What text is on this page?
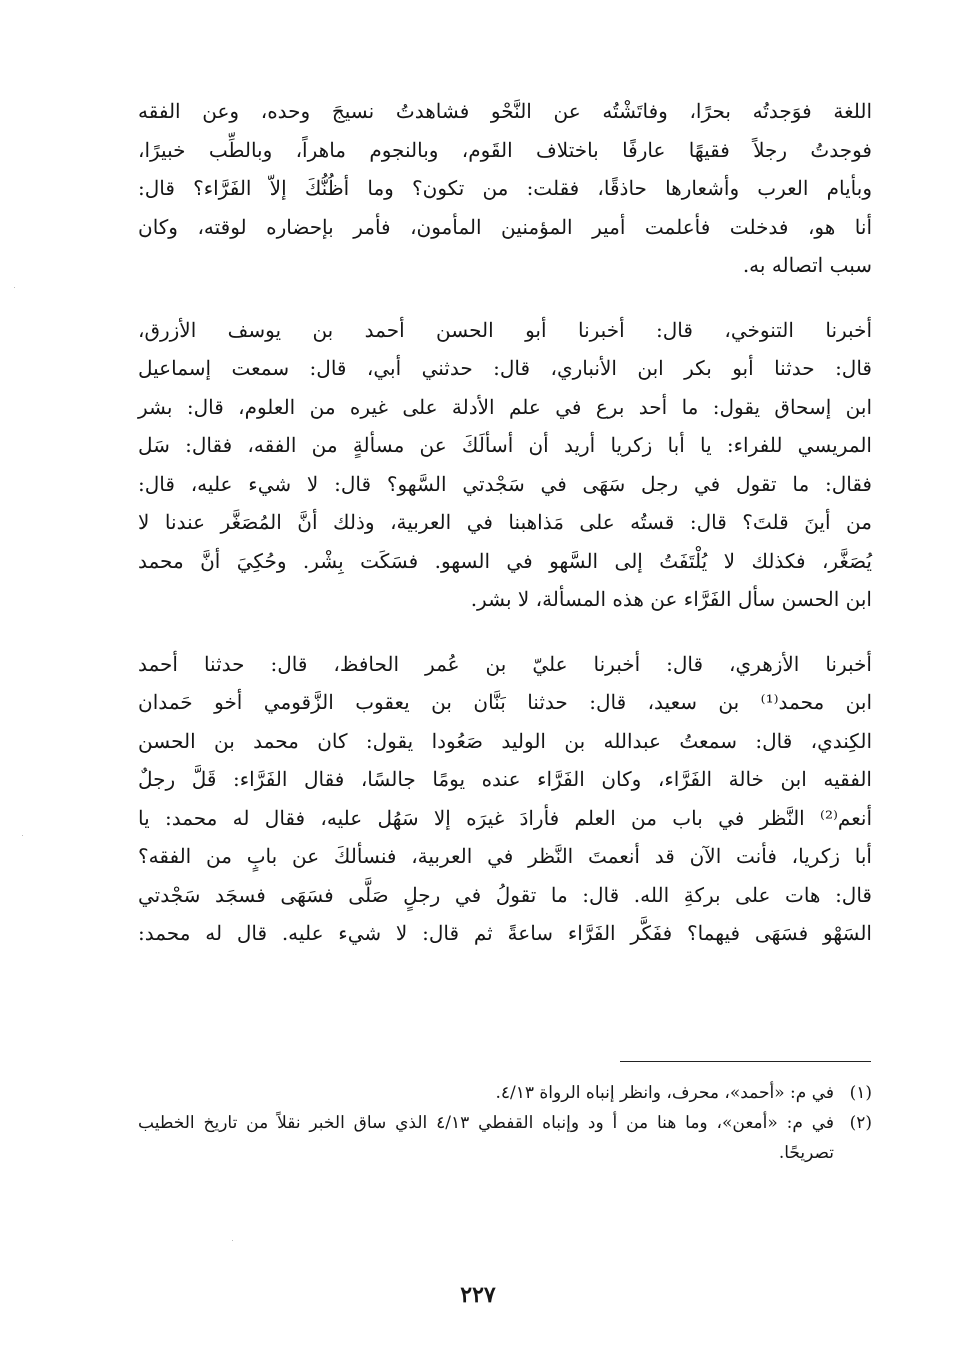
اللغة فوَجدتُه بحرًا، وفاتَشْتُه عن النَّحْو فشاهدتُ نسيجَ وحده، وعن الفقه

فوجدتُ رجلاً فقيهًا عارفًا باختلاف القَوم، وبالنجوم ماهراً، وبالطِّب خبيرًا،

وبأيام العرب وأشعارها حاذقًا، فقلت: من تكون؟ وما أظُنُّكَ إلاّ الفَرَّاء؟ قال:

أنا هو، فدخلت فأعلمت أمير المؤمنين المأمون، فأمر بإحضاره لوقته، وكان

سبب اتصاله به.

أخبرنا التنوخي، قال: أخبرنا أبو الحسن أحمد بن يوسف الأزرق،

قال: حدثنا أبو بكر ابن الأنباري، قال: حدثني أبي، قال: سمعت إسماعيل

ابن إسحاق يقول: ما أحد برع في علم الأدلة على غيره من العلوم، قال: بشر

المريسي للفراء: يا أبا زكريا أريد أن أسألَكَ عن مسألةٍ من الفقه، فقال: سَل

فقال: ما تقول في رجل سَهَى في سَجْدتي السَّهو؟ قال: لا شيء عليه، قال:

من أينَ قلتَ؟ قال: قستُه على مَذاهبنا في العربية، وذلك أنَّ المُصَغَّر عندنا لا

يُصَغَّر، فكذلك لا يُلْتَفَتُ إلى السَّهو في السهو. فسَكَت بِشْر. وحُكِيَ أنَّ محمد

ابن الحسن سأل الفَرَّاء عن هذه المسألة، لا بشر.

أخبرنا الأزهري، قال: أخبرنا عليّ بن عُمر الحافظ، قال: حدثنا أحمد

ابن محمد⁽¹⁾ بن سعيد، قال: حدثنا بَنَّان بن يعقوب الزَّقومي أخو حَمدان

الكِندي، قال: سمعتُ عبدالله بن الوليد صَعُودا يقول: كان محمد بن الحسن

الفقيه ابن خالة الفَرَّاء، وكان الفَرَّاء عنده يومًا جالسًا، فقال الفَرَّاء: قَلَّ رجلٌ

أنعم⁽²⁾ النَّظر في باب من العلم فأرادَ غيرَه إلا سَهُل عليه، فقال له محمد: يا

أبا زكريا، فأنت الآن قد أنعمتَ النَّظر في العربية، فنسألكَ عن بابٍ من الفقه؟

قال: هات على بركةِ الله. قال: ما تقولُ في رجلٍ صَلَّى فسَهَى فسجَد سَجْدتي

السَهْو فسَهَى فيهما؟ ففَكَّر الفَرَّاء ساعةً ثم قال: لا شيء عليه. قال له محمد:

(١)
في م: «أحمد»، محرف، وانظر إنباه الرواة ٤/١٣.
(٢)
في م: «أمعن»، وما هنا من أ ود وإنباه القفطي ٤/١٣ الذي ساق الخبر نقلاً من تاريخ الخطيب تصريحًا.
٢٢٧
